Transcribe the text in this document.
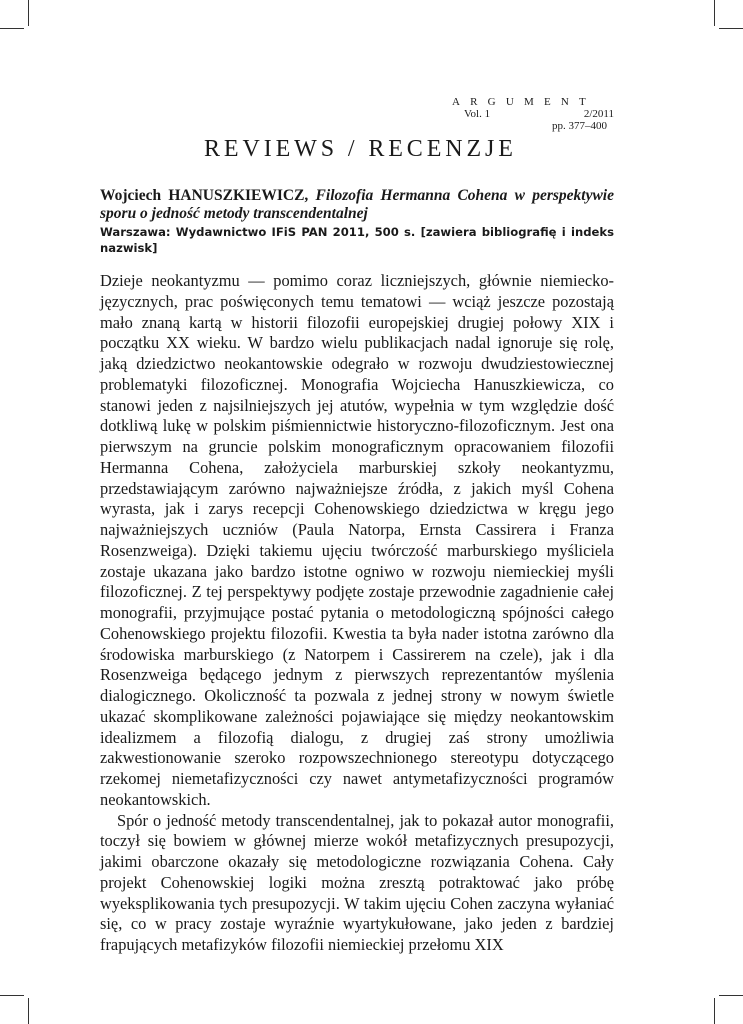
ARGUMENT
Vol. 1	2/2011
pp. 377–400
REVIEWS / RECENZJE
Wojciech HANUSZKIEWICZ, Filozofia Hermanna Cohena w perspektywie sporu o jedność metody transcendentalnej
Warszawa: Wydawnictwo IFiS PAN 2011, 500 s. [zawiera bibliografię i indeks nazwisk]

Dzieje neokantyzmu — pomimo coraz liczniejszych, głównie niemieckojęzycznych, prac poświęconych temu tematowi — wciąż jeszcze pozostają mało znaną kartą w historii filozofii europejskiej drugiej połowy XIX i początku XX wieku. W bardzo wielu publikacjach nadal ignoruje się rolę, jaką dziedzictwo neokantowskie odegrało w rozwoju dwudziestowiecznej problematyki filozoficznej. Monografia Wojciecha Hanuszkiewicza, co stanowi jeden z najsilniejszych jej atutów, wypełnia w tym względzie dość dotkliwą lukę w polskim piśmiennictwie historyczno-filozoficznym. Jest ona pierwszym na gruncie polskim monograficznym opracowaniem filozofii Hermanna Cohena, założyciela marburskiej szkoły neokantyzmu, przedstawiającym zarówno najważniejsze źródła, z jakich myśl Cohena wyrasta, jak i zarys recepcji Cohenowskiego dziedzictwa w kręgu jego najważniejszych uczniów (Paula Natorpa, Ernsta Cassirera i Franza Rosenzweiga). Dzięki takiemu ujęciu twórczość marburskiego myśliciela zostaje ukazana jako bardzo istotne ogniwo w rozwoju niemieckiej myśli filozoficznej. Z tej perspektywy podjęte zostaje przewodnie zagadnienie całej monografii, przyjmujące postać pytania o metodologiczną spójności całego Cohenowskiego projektu filozofii. Kwestia ta była nader istotna zarówno dla środowiska marburskiego (z Natorpem i Cassirerem na czele), jak i dla Rosenzweiga będącego jednym z pierwszych reprezentantów myślenia dialogicznego. Okoliczność ta pozwala z jednej strony w nowym świetle ukazać skomplikowane zależności pojawiające się między neokantowskim idealizmem a filozofią dialogu, z drugiej zaś strony umożliwia zakwestionowanie szeroko rozpowszechnionego stereotypu dotyczącego rzekomej niemetafizyczności czy nawet antymetafizyczności programów neokantowskich.

Spór o jedność metody transcendentalnej, jak to pokazał autor monografii, toczył się bowiem w głównej mierze wokół metafizycznych presupozycji, jakimi obarczone okazały się metodologiczne rozwiązania Cohena. Cały projekt Cohenowskiej logiki można zresztą potraktować jako próbę wyeksplikowania tych presupozycji. W takim ujęciu Cohen zaczyna wyłaniać się, co w pracy zostaje wyraźnie wyartykułowane, jako jeden z bardziej frapujących metafizyków filozofii niemieckiej przełomu XIX
